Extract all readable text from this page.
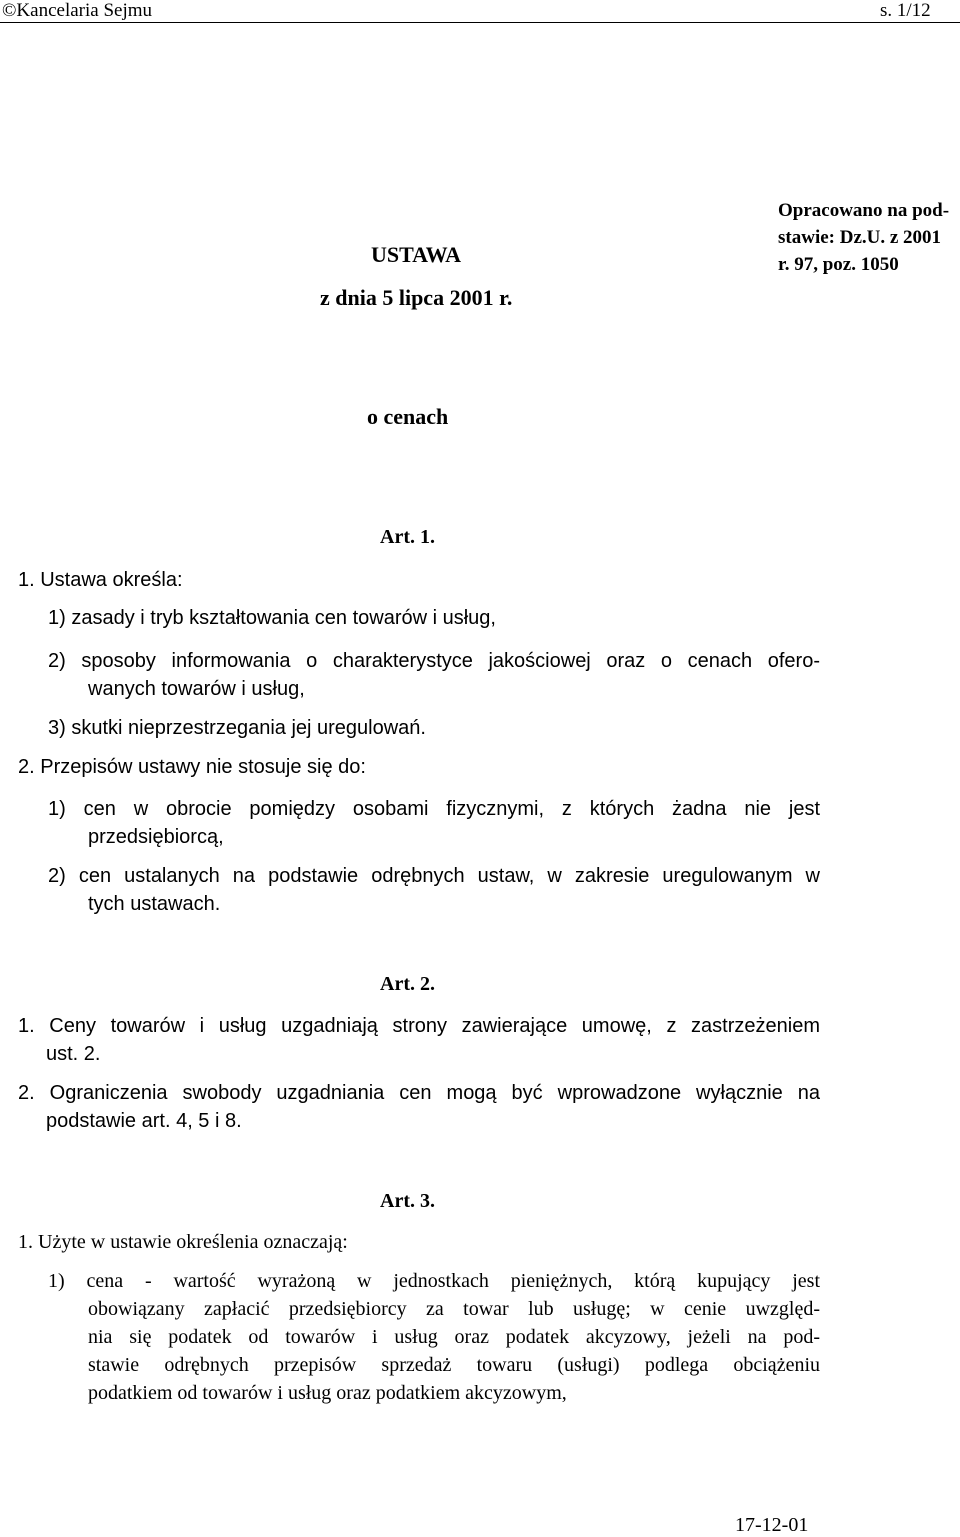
©Kancelaria Sejmu	s. 1/12
Opracowano na pod-
stawie: Dz.U. z 2001
r. 97, poz. 1050
USTAWA
z dnia 5 lipca 2001 r.
o cenach
Art. 1.
1. Ustawa określa:
1) zasady i tryb kształtowania cen towarów i usług,
2) sposoby informowania o charakterystyce jakościowej oraz o cenach ofero-
wanych towarów i usług,
3) skutki nieprzestrzegania jej uregulowań.
2. Przepisów ustawy nie stosuje się do:
1) cen w obrocie pomiędzy osobami fizycznymi, z których żadna nie jest
przedsiębiorcą,
2) cen ustalanych na podstawie odrębnych ustaw, w zakresie uregulowanym w
tych ustawach.
Art. 2.
1. Ceny towarów i usług uzgadniają strony zawierające umowę, z zastrzeżeniem
ust. 2.
2. Ograniczenia swobody uzgadniania cen mogą być wprowadzone wyłącznie na
podstawie art. 4, 5 i 8.
Art. 3.
1. Użyte w ustawie określenia oznaczają:
1) cena - wartość wyrażoną w jednostkach pieniężnych, którą kupujący jest
obowiązany zapłacić przedsiębiorcy za towar lub usługę; w cenie uwzględ-
nia się podatek od towarów i usług oraz podatek akcyzowy, jeżeli na pod-
stawie odrębnych przepisów sprzedaż towaru (usługi) podlega obciążeniu
podatkiem od towarów i usług oraz podatkiem akcyzowym,
17-12-01
